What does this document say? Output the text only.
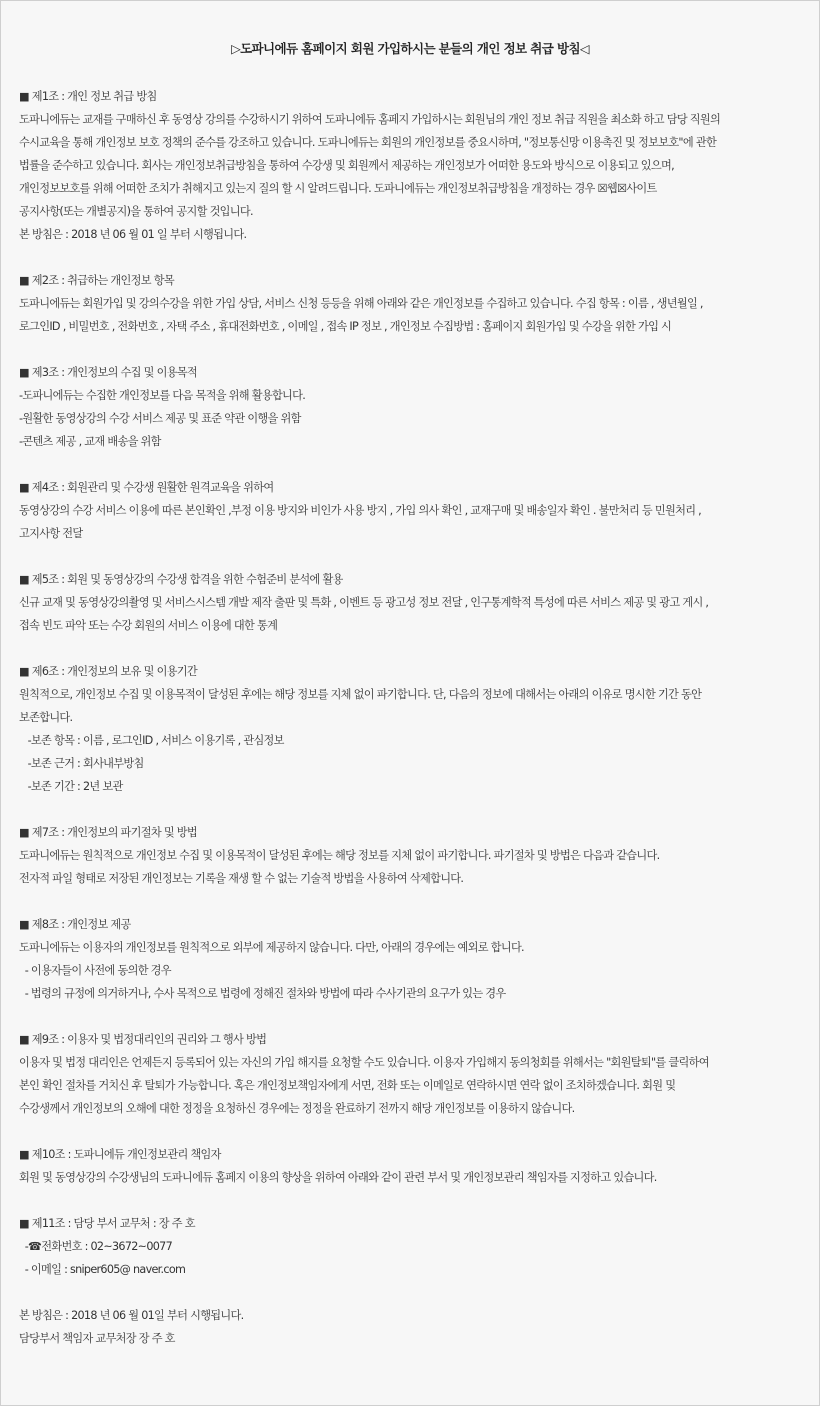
▷도파니에듀 홈페이지 회원 가입하시는 분들의 개인 정보 취급 방침◁
■ 제1조 : 개인 정보 취급 방침
도파니에듀는 교재를 구매하신 후 동영상 강의를 수강하시기 위하여 도파니에듀 홈페지 가입하시는 회원님의 개인 정보 취급 직원을 최소화 하고 담당 직원의
수시교육을 통해 개인정보 보호 정책의 준수를 강조하고 있습니다. 도파니에듀는 회원의 개인정보를 중요시하며, "정보통신망 이용촉진 및 정보보호"에 관한
법률을 준수하고 있습니다. 회사는 개인정보취급방침을 통하여 수강생 및 회원께서 제공하는 개인정보가 어떠한 용도와 방식으로 이용되고 있으며,
개인정보보호를 위해 어떠한 조치가 취해지고 있는지 질의 할 시 알려드립니다. 도파니에듀는 개인정보취급방침을 개정하는 경우 ☒웹☒사이트
공지사항(또는 개별공지)을 통하여 공지할 것입니다.
본 방침은 : 2018 년 06 월 01 일 부터 시행됩니다.
■ 제2조 : 취급하는 개인정보 항목
도파니에듀는 회원가입 및 강의수강을 위한 가입 상담, 서비스 신청 등등을 위해 아래와 같은 개인정보를 수집하고 있습니다. 수집 항목 : 이름 , 생년월일 ,
로그인ID , 비밀번호 , 전화번호 , 자택 주소 , 휴대전화번호 , 이메일 , 접속 IP 정보 , 개인정보 수집방법 : 홈페이지 회원가입 및 수강을 위한 가입 시
■ 제3조 : 개인정보의 수집 및 이용목적
-도파니에듀는 수집한 개인정보를 다음 목적을 위해 활용합니다.
-원활한 동영상강의 수강 서비스 제공 및 표준 약관 이행을 위함
-콘텐츠 제공 , 교재 배송을 위함
■ 제4조 : 회원관리 및 수강생 원활한 원격교육을 위하여
동영상강의 수강 서비스 이용에 따른 본인확인 ,부정 이용 방지와 비인가 사용 방지 , 가입 의사 확인 , 교재구매 및 배송일자 확인 . 불만처리 등 민원처리 ,
고지사항 전달
■ 제5조 : 회원 및 동영상강의 수강생 합격을 위한 수험준비 분석에 활용
신규 교재 및 동영상강의촬영 및 서비스시스템 개발 제작 출판 및 특화 , 이벤트 등 광고성 정보 전달 , 인구통계학적 특성에 따른 서비스 제공 및 광고 게시 ,
접속 빈도 파악 또는 수강 회원의 서비스 이용에 대한 통계
■ 제6조 : 개인정보의 보유 및 이용기간
원칙적으로, 개인정보 수집 및 이용목적이 달성된 후에는 해당 정보를 지체 없이 파기합니다. 단, 다음의 정보에 대해서는 아래의 이유로 명시한 기간 동안
보존합니다.
-보존 항목 : 이름 , 로그인ID , 서비스 이용기록 , 관심정보
-보존 근거 : 회사내부방침
-보존 기간 : 2년 보관
■ 제7조 : 개인정보의 파기절차 및 방법
도파니에듀는 원칙적으로 개인정보 수집 및 이용목적이 달성된 후에는 해당 정보를 지체 없이 파기합니다. 파기절차 및 방법은 다음과 같습니다.
전자적 파일 형태로 저장된 개인정보는 기록을 재생 할 수 없는 기술적 방법을 사용하여 삭제합니다.
■ 제8조 : 개인정보 제공
도파니에듀는 이용자의 개인정보를 원칙적으로 외부에 제공하지 않습니다. 다만, 아래의 경우에는 예외로 합니다.
- 이용자들이 사전에 동의한 경우
- 법령의 규정에 의거하거나, 수사 목적으로 법령에 정해진 절차와 방법에 따라 수사기관의 요구가 있는 경우
■ 제9조 : 이용자 및 법정대리인의 권리와 그 행사 방법
이용자 및 법정 대리인은 언제든지 등록되어 있는 자신의 가입 해지를 요청할 수도 있습니다. 이용자 가입해지 동의청회를 위해서는 "회원탈퇴"를 클릭하여
본인 확인 절차를 거치신 후 탈퇴가 가능합니다. 혹은 개인정보책임자에게 서면, 전화 또는 이메일로 연락하시면 연락 없이 조치하겠습니다. 회원 및
수강생께서 개인정보의 오해에 대한 정정을 요청하신 경우에는 정정을 완료하기 전까지 해당 개인정보를 이용하지 않습니다.
■ 제10조 : 도파니에듀 개인정보관리 책임자
회원 및 동영상강의 수강생님의 도파니에듀 홈페지 이용의 향상을 위하여 아래와 같이 관련 부서 및 개인정보관리 책임자를 지정하고 있습니다.
■ 제11조 : 담당 부서 교무처 : 장 주 호
-☎전화번호 : 02~3672~0077
- 이메일 : sniper605@ naver.com
본 방침은 : 2018 년 06 월 01일 부터 시행됩니다.
담당부서 책임자 교무처장 장 주 호
